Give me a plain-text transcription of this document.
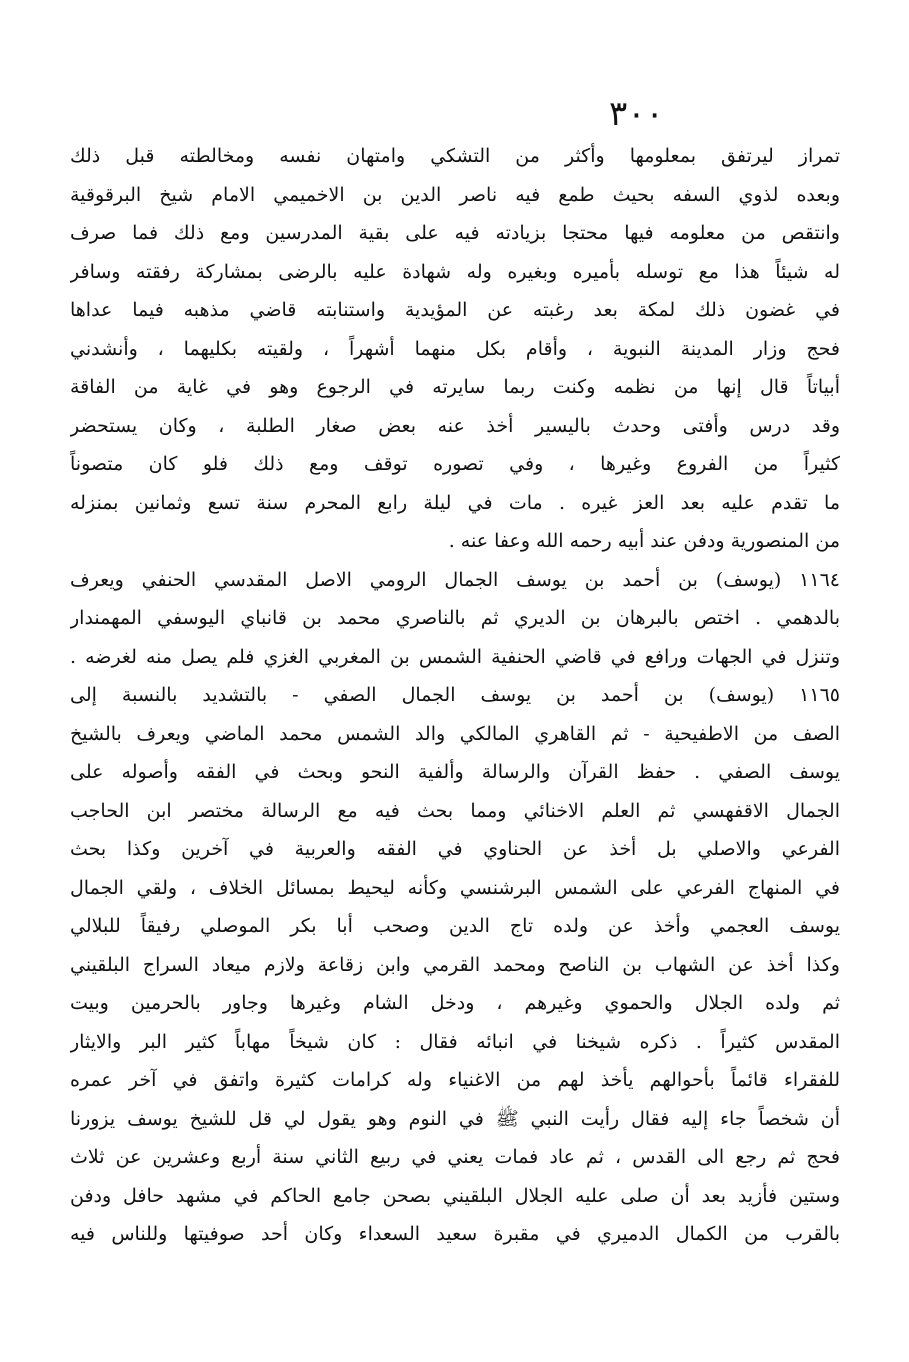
٣٠٠
تمراز ليرتفق بمعلومها وأكثر من التشكي وامتهان نفسه ومخالطته قبل ذلك
وبعده لذوي السفه بحيث طمع فيه ناصر الدين بن الاخميمي الامام شيخ البرقوقية
وانتقص من معلومه فيها محتجا بزيادته فيه على بقية المدرسين ومع ذلك فما صرف
له شيئاً هذا مع توسله بأميره وبغيره وله شهادة عليه بالرضى بمشاركة رفقته وسافر
في غضون ذلك لمكة بعد رغبته عن المؤيدية واستنابته قاضي مذهبه فيما عداها
فحج وزار المدينة النبوية ، وأقام بكل منهما أشهراً ، ولقيته بكليهما ، وأنشدني
أبياتاً قال إنها من نظمه وكنت ربما سايرته في الرجوع وهو في غاية من الفاقة
وقد درس وأفتى وحدث باليسير أخذ عنه بعض صغار الطلبة ، وكان يستحضر
كثيراً من الفروع وغيرها ، وفي تصوره توقف ومع ذلك فلو كان متصوناً
ما تقدم عليه بعد العز غيره . مات في ليلة رابع المحرم سنة تسع وثمانين بمنزله
من المنصورية ودفن عند أبيه رحمه الله وعفا عنه .
١١٦٤ (يوسف) بن أحمد بن يوسف الجمال الرومي الاصل المقدسي الحنفي ويعرف
بالدهمي . اختص بالبرهان بن الديري ثم بالناصري محمد بن قانباي اليوسفي المهمندار
وتنزل في الجهات ورافع في قاضي الحنفية الشمس بن المغربي الغزي فلم يصل منه لغرضه .
١١٦٥ (يوسف) بن أحمد بن يوسف الجمال الصفي - بالتشديد بالنسبة إلى
الصف من الاطفيحية - ثم القاهري المالكي والد الشمس محمد الماضي ويعرف بالشيخ
يوسف الصفي . حفظ القرآن والرسالة وألفية النحو وبحث في الفقه وأصوله على
الجمال الاقفهسي ثم العلم الاخنائي ومما بحث فيه مع الرسالة مختصر ابن الحاجب
الفرعي والاصلي بل أخذ عن الحناوي في الفقه والعربية في آخرين وكذا بحث
في المنهاج الفرعي على الشمس البرشنسي وكأنه ليحيط بمسائل الخلاف ، ولقي الجمال
يوسف العجمي وأخذ عن ولده تاج الدين وصحب أبا بكر الموصلي رفيقاً للبلالي
وكذا أخذ عن الشهاب بن الناصح ومحمد القرمي وابن زقاعة ولازم ميعاد السراج البلقيني
ثم ولده الجلال والحموي وغيرهم ، ودخل الشام وغيرها وجاور بالحرمين وبيت
المقدس كثيراً . ذكره شيخنا في انبائه فقال : كان شيخاً مهاباً كثير البر والايثار
للفقراء قائماً بأحوالهم يأخذ لهم من الاغنياء وله كرامات كثيرة واتفق في آخر عمره
أن شخصاً جاء إليه فقال رأيت النبي ﷺ في النوم وهو يقول لي قل للشيخ يوسف يزورنا
فحج ثم رجع الى القدس ، ثم عاد فمات يعني في ربيع الثاني سنة أربع وعشرين عن ثلاث
وستين فأزيد بعد أن صلى عليه الجلال البلقيني بصحن جامع الحاكم في مشهد حافل ودفن
بالقرب من الكمال الدميري في مقبرة سعيد السعداء وكان أحد صوفيتها وللناس فيه
